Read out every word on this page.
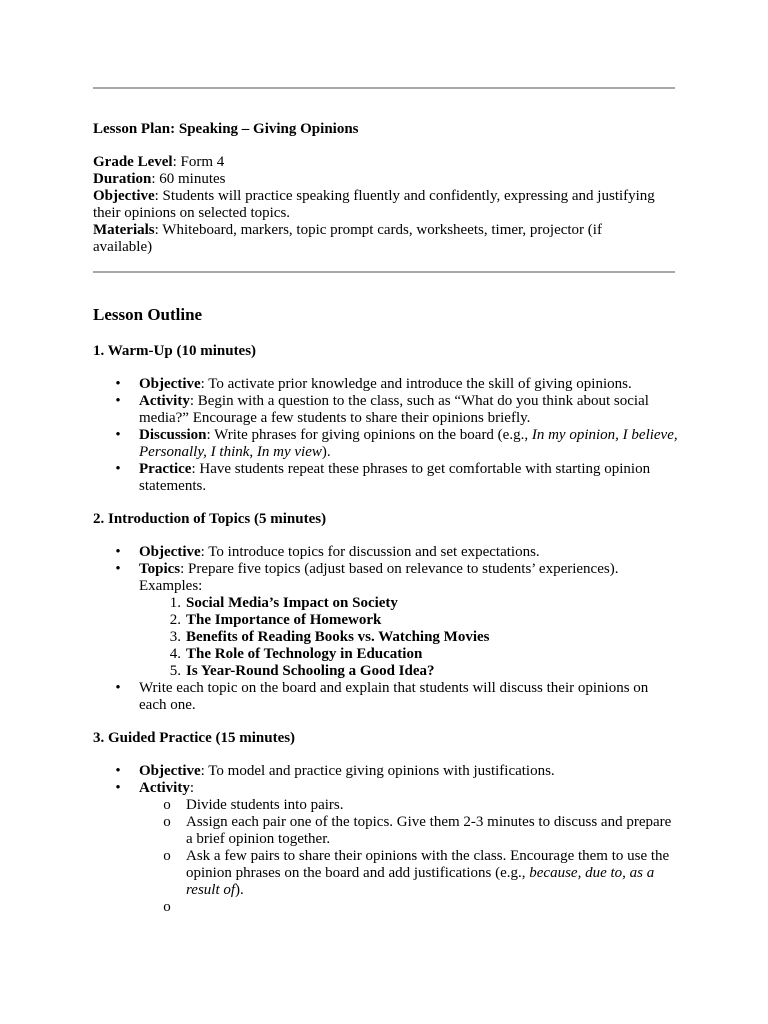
Lesson Plan: Speaking – Giving Opinions

Grade Level: Form 4

Duration: 60 minutes

Objective: Students will practice speaking fluently and confidently, expressing and justifying their opinions on selected topics.

Materials: Whiteboard, markers, topic prompt cards, worksheets, timer, projector (if available)

Lesson Outline

1. Warm-Up (10 minutes)

• Objective: To activate prior knowledge and introduce the skill of giving opinions.
• Activity: Begin with a question to the class, such as “What do you think about social media?” Encourage a few students to share their opinions briefly.
• Discussion: Write phrases for giving opinions on the board (e.g., In my opinion, I believe, Personally, I think, In my view).
• Practice: Have students repeat these phrases to get comfortable with starting opinion statements.

2. Introduction of Topics (5 minutes)

• Objective: To introduce topics for discussion and set expectations.
• Topics: Prepare five topics (adjust based on relevance to students’ experiences). Examples:
1. Social Media’s Impact on Society
2. The Importance of Homework
3. Benefits of Reading Books vs. Watching Movies
4. The Role of Technology in Education
5. Is Year-Round Schooling a Good Idea?
• Write each topic on the board and explain that students will discuss their opinions on each one.

3. Guided Practice (15 minutes)

• Objective: To model and practice giving opinions with justifications.
• Activity:
o Divide students into pairs.
o Assign each pair one of the topics. Give them 2-3 minutes to discuss and prepare a brief opinion together.
o Ask a few pairs to share their opinions with the class. Encourage them to use the opinion phrases on the board and add justifications (e.g., because, due to, as a result of).
o
